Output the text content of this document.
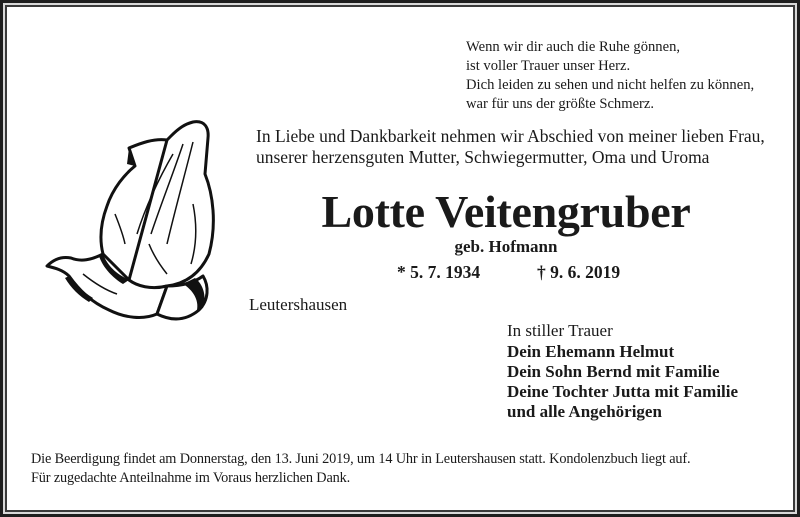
Wenn wir dir auch die Ruhe gönnen,
ist voller Trauer unser Herz.
Dich leiden zu sehen und nicht helfen zu können,
war für uns der größte Schmerz.
In Liebe und Dankbarkeit nehmen wir Abschied von meiner lieben Frau,
unserer herzensguten Mutter, Schwiegermutter, Oma und Uroma
Lotte Veitengruber
geb. Hofmann
* 5. 7. 1934	† 9. 6. 2019
Leutershausen
In stiller Trauer
Dein Ehemann Helmut
Dein Sohn Bernd mit Familie
Deine Tochter Jutta mit Familie
und alle Angehörigen
Die Beerdigung findet am Donnerstag, den 13. Juni 2019, um 14 Uhr in Leutershausen statt. Kondolenzbuch liegt auf.
Für zugedachte Anteilnahme im Voraus herzlichen Dank.
